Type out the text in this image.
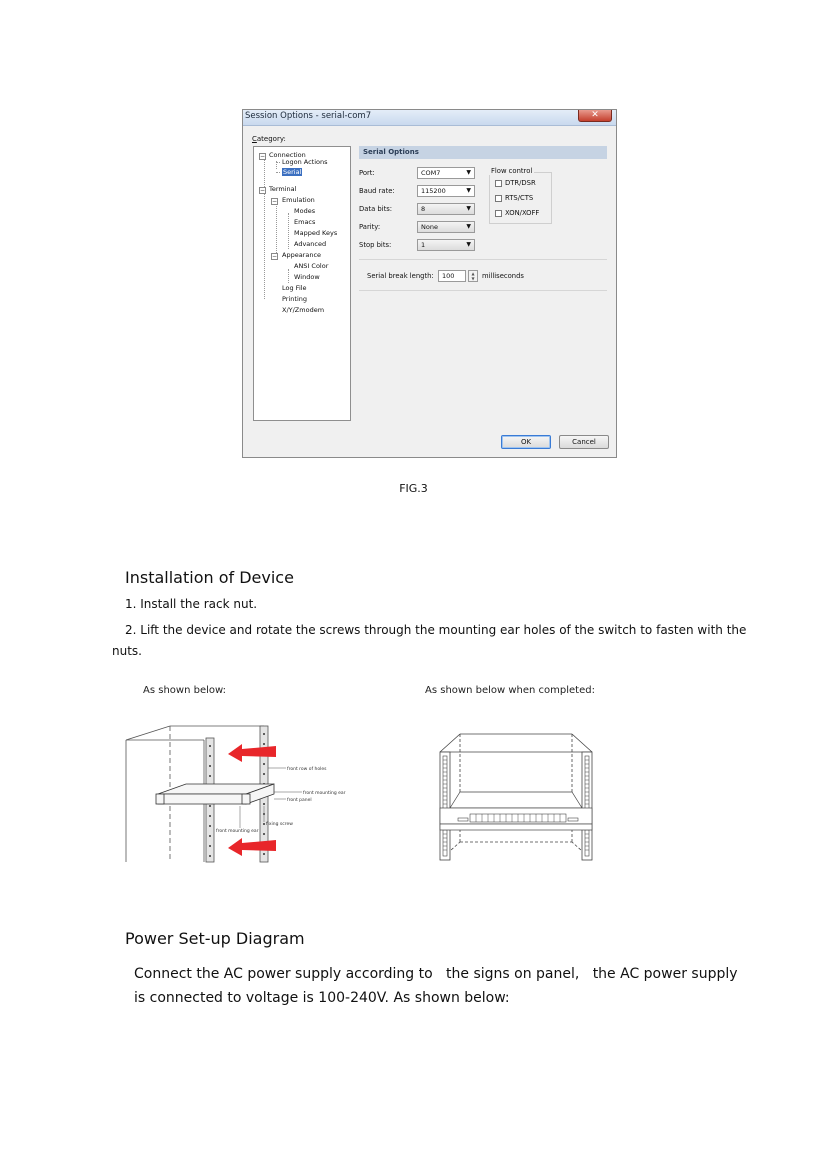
Session Options - serial-com7	✕
Category:
− Connection
Logon Actions
Serial
− Terminal
− Emulation
Modes
Emacs
Mapped Keys
Advanced
− Appearance
ANSI Color
Window
Log File
Printing
X/Y/Zmodem
Serial Options
Port:	COM7	▼
Baud rate:	115200	▼
Data bits:	8	▼
Parity:	None	▼
Stop bits:	1	▼
Flow control
DTR/DSR
RTS/CTS
XON/XOFF
Serial break length:	100	▲
▼	milliseconds
OK	Cancel
FIG.3
Installation of Device
1. Install the rack nut.
2. Lift the device and rotate the screws through the mounting ear holes of the switch to fasten with the
nuts.
As shown below:	As shown below when completed:
front row of holes
front mounting ear
front panel
fixing screw
front mounting ear
Power Set-up Diagram
Connect the AC power supply according to   the signs on panel,   the AC power supply
is connected to voltage is 100-240V. As shown below:
